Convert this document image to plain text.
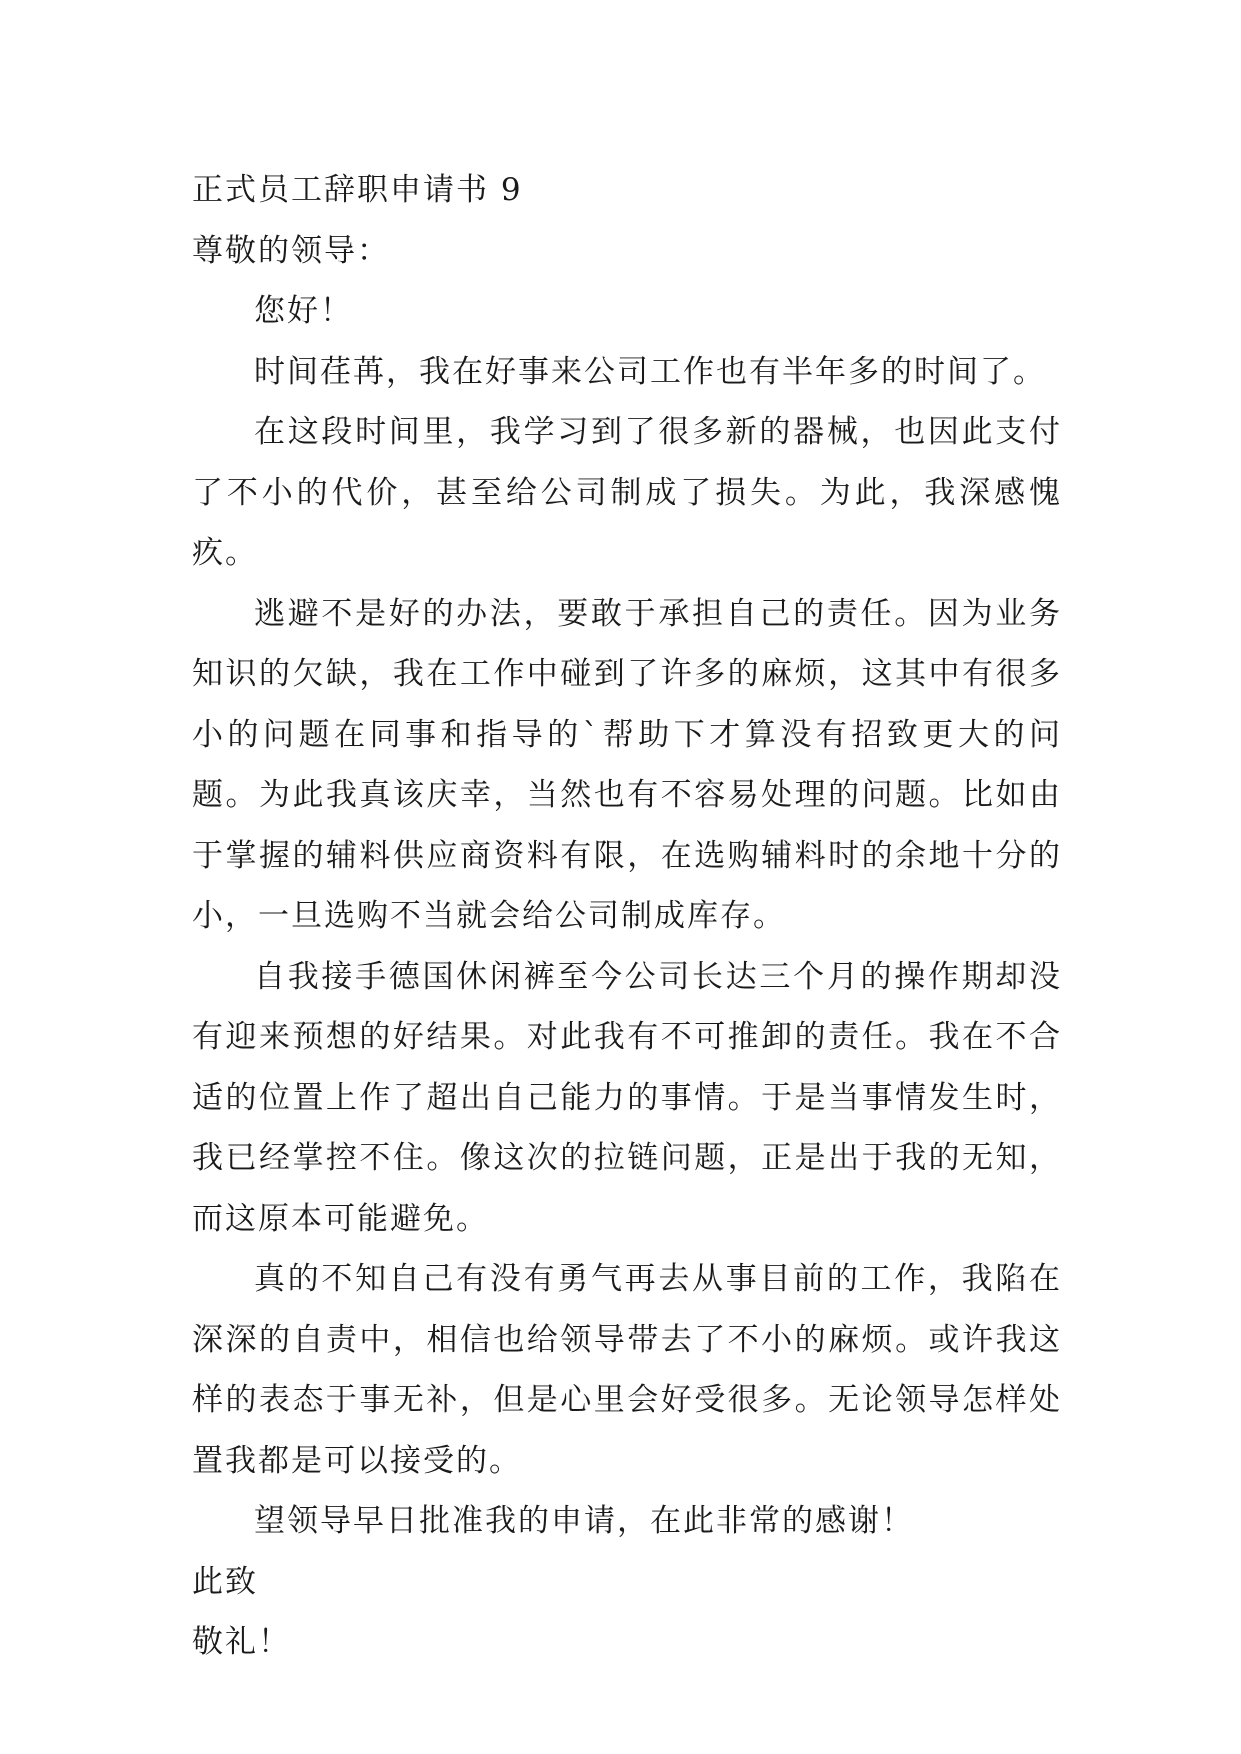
正式员工辞职申请书 9

尊敬的领导：

您好！

时间荏苒，我在好事来公司工作也有半年多的时间了。

在这段时间里，我学习到了很多新的器械，也因此支付了不小的代价，甚至给公司制成了损失。为此，我深感愧疚。

逃避不是好的办法，要敢于承担自己的责任。因为业务知识的欠缺，我在工作中碰到了许多的麻烦，这其中有很多小的问题在同事和指导的`帮助下才算没有招致更大的问题。为此我真该庆幸，当然也有不容易处理的问题。比如由于掌握的辅料供应商资料有限，在选购辅料时的余地十分的小，一旦选购不当就会给公司制成库存。

自我接手德国休闲裤至今公司长达三个月的操作期却没有迎来预想的好结果。对此我有不可推卸的责任。我在不合适的位置上作了超出自己能力的事情。于是当事情发生时，我已经掌控不住。像这次的拉链问题，正是出于我的无知，而这原本可能避免。

真的不知自己有没有勇气再去从事目前的工作，我陷在深深的自责中，相信也给领导带去了不小的麻烦。或许我这样的表态于事无补，但是心里会好受很多。无论领导怎样处置我都是可以接受的。

望领导早日批准我的申请，在此非常的感谢！

此致

敬礼！
